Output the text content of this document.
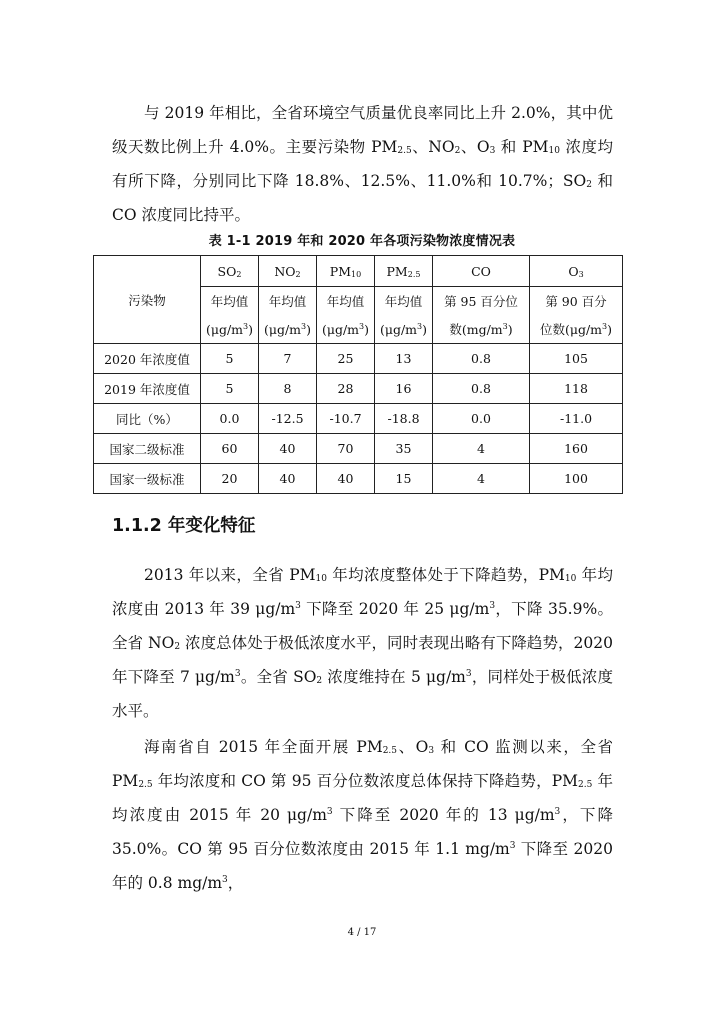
与 2019 年相比，全省环境空气质量优良率同比上升 2.0%，其中优级天数比例上升 4.0%。主要污染物 $PM_{2.5}$、$NO_2$、$O_3$ 和 $PM_{10}$ 浓度均有所下降，分别同比下降 18.8%、12.5%、11.0%和 10.7%；$SO_2$ 和 CO 浓度同比持平。

表 1-1 2019 年和 2020 年各项污染物浓度情况表
污染物	$SO_2$	$NO_2$	$PM_{10}$	$PM_{2.5}$	CO	$O_3$
	年均值	年均值	年均值	年均值	第 95 百分位	第 90 百分
	$(\mu g/m^3)$	$(\mu g/m^3)$	$(\mu g/m^3)$	$(\mu g/m^3)$	数$(mg/m^3)$	位数$(\mu g/m^3)$
2020 年浓度值	5	7	25	13	0.8	105
2019 年浓度值	5	8	28	16	0.8	118
同比（%）	0.0	-12.5	-10.7	-18.8	0.0	-11.0
国家二级标准	60	40	70	35	4	160
国家一级标准	20	40	40	15	4	100
1.1.2 年变化特征

2013 年以来，全省 $PM_{10}$ 年均浓度整体处于下降趋势，$PM_{10}$ 年均浓度由 2013 年 39 $\mu g/m^3$ 下降至 2020 年 25 $\mu g/m^3$，下降 35.9%。全省 $NO_2$ 浓度总体处于极低浓度水平，同时表现出略有下降趋势，2020 年下降至 7 $\mu g/m^3$。全省 $SO_2$ 浓度维持在 5 $\mu g/m^3$，同样处于极低浓度水平。

海南省自 2015 年全面开展 $PM_{2.5}$、$O_3$ 和 CO 监测以来，全省 $PM_{2.5}$ 年均浓度和 CO 第 95 百分位数浓度总体保持下降趋势，$PM_{2.5}$ 年均浓度由 2015 年 20 $\mu g/m^3$ 下降至 2020 年的 13 $\mu g/m^3$，下降 35.0%。CO 第 95 百分位数浓度由 2015 年 1.1 $mg/m^3$ 下降至 2020 年的 0.8 $mg/m^3$，

4 / 17
